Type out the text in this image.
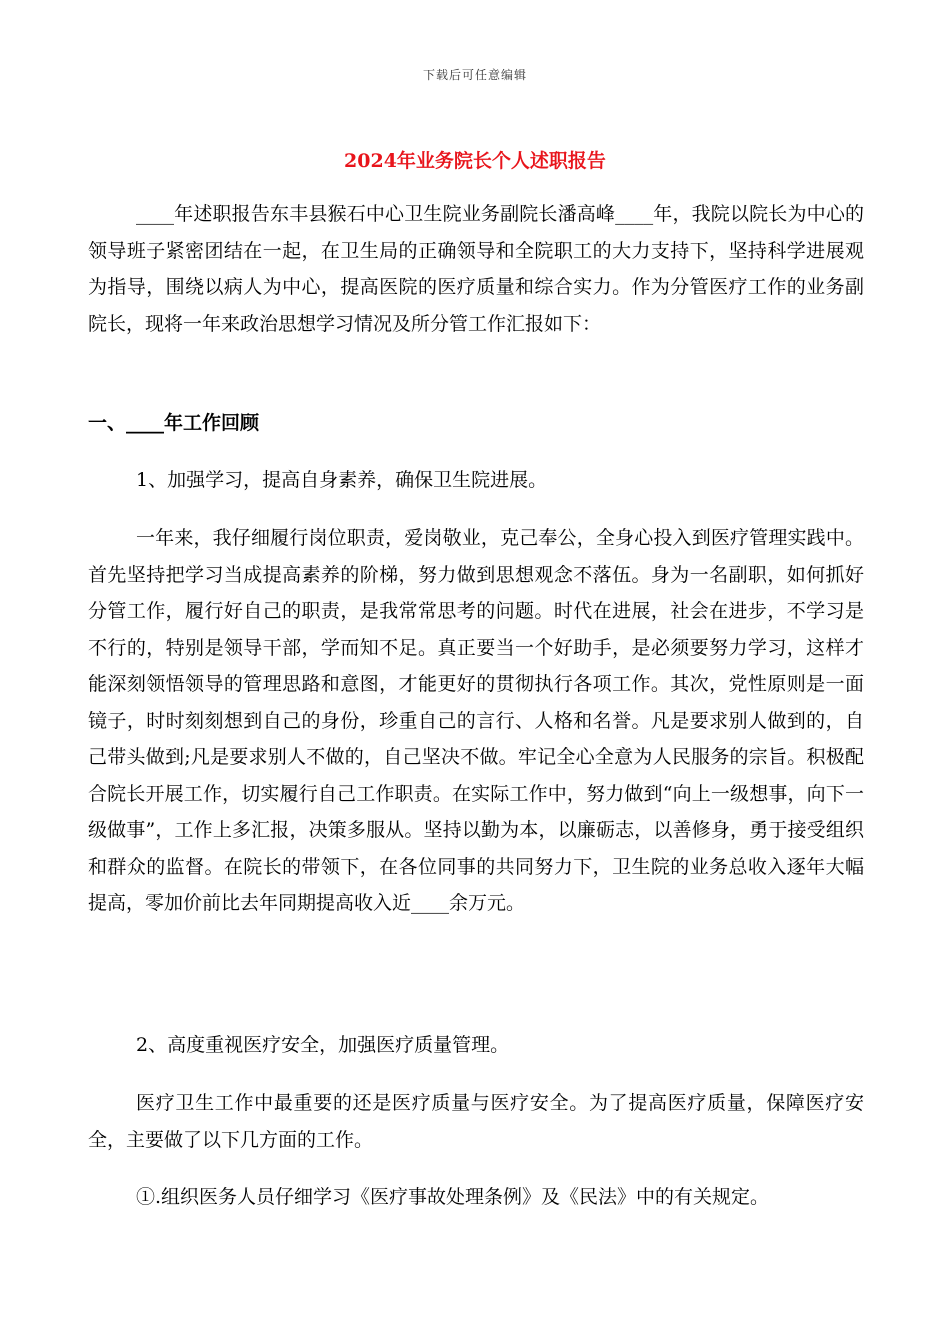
下载后可任意编辑
2024年业务院长个人述职报告

____年述职报告东丰县猴石中心卫生院业务副院长潘高峰____年，我院以院长为中心的领导班子紧密团结在一起，在卫生局的正确领导和全院职工的大力支持下，坚持科学进展观为指导，围绕以病人为中心，提高医院的医疗质量和综合实力。作为分管医疗工作的业务副院长，现将一年来政治思想学习情况及所分管工作汇报如下：

一、____年工作回顾

1、加强学习，提高自身素养，确保卫生院进展。

一年来，我仔细履行岗位职责，爱岗敬业，克己奉公，全身心投入到医疗管理实践中。首先坚持把学习当成提高素养的阶梯，努力做到思想观念不落伍。身为一名副职，如何抓好分管工作，履行好自己的职责，是我常常思考的问题。时代在进展，社会在进步，不学习是不行的，特别是领导干部，学而知不足。真正要当一个好助手，是必须要努力学习，这样才能深刻领悟领导的管理思路和意图，才能更好的贯彻执行各项工作。其次，党性原则是一面镜子，时时刻刻想到自己的身份，珍重自己的言行、人格和名誉。凡是要求别人做到的，自己带头做到;凡是要求别人不做的，自己坚决不做。牢记全心全意为人民服务的宗旨。积极配合院长开展工作，切实履行自己工作职责。在实际工作中，努力做到“向上一级想事，向下一级做事”，工作上多汇报，决策多服从。坚持以勤为本，以廉砺志，以善修身，勇于接受组织和群众的监督。在院长的带领下，在各位同事的共同努力下，卫生院的业务总收入逐年大幅提高，零加价前比去年同期提高收入近____余万元。

2、高度重视医疗安全，加强医疗质量管理。

医疗卫生工作中最重要的还是医疗质量与医疗安全。为了提高医疗质量，保障医疗安全，主要做了以下几方面的工作。

①.组织医务人员仔细学习《医疗事故处理条例》及《民法》中的有关规定。
